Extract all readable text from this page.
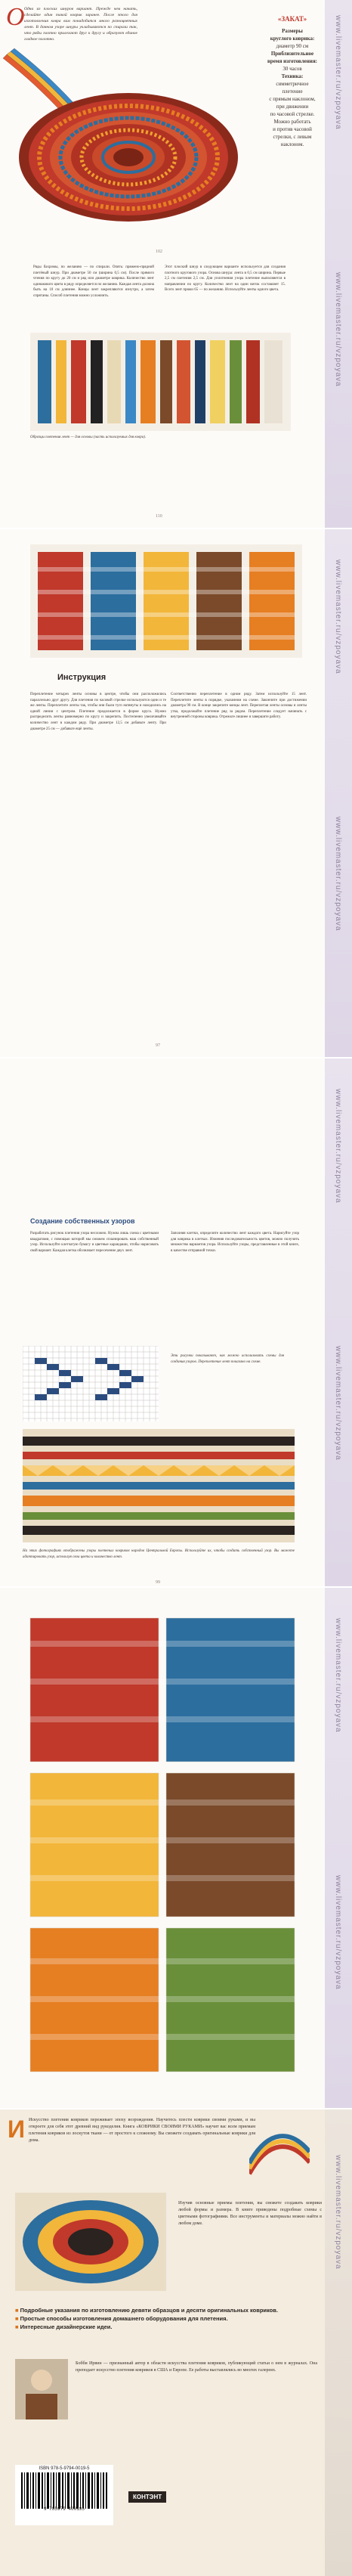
О Одна из плоских шнуров вариант. Прежде чем начать, сделайте один такой коврик заранее. После этого для изготовления ковра вам понадобится много разноцветных лент. В данном узоре шнуры укладываются по спирали так, что ряды плотно прилегают друг к другу и образуют единое гладкое полотно.
«ЗАКАТ»
Размеры
круглого коврика:
диаметр 90 см
Приблизительное
время изготовления:
30 часов
Техника:
симметричное
плетение
с прямым наклоном,
при движении
по часовой стрелке.
Можно работать
и против часовой
стрелки, с левым
наклоном.
102
Ряды бахромы, по желанию — по спирали. Опять: пряжено-прядной плетёный шнур. При диаметре 50 см (ширина 0,5 см). После прямого чтения по кругу до 20 см и ряд или диаметре коврика. Количество лент одинакового цвета в ряду определяется по желанию. Каждая лента должна быть на 10 см длиннее. Концы лент закрепляются изнутри, а затем спрятаны. Способ плетения можно усложнить.
Этот плоский шнур в следующем варианте используется для создания плотного кругового узора. Основа шнура: лента в 0,5 см ширина. Первые 2,5 см плетения 2,5 см. Для уплотнения узора плетение выполняется в направлении по кругу. Количество лент на один виток составляет 15. Всего лент пряжи 65 — по желанию. Используйте ленты одного цвета.
Образцы плетения лент — для основы (часть используемых для ковра).
110
www.livemaster.ru/vzpoyava
www.livemaster.ru/vzpoyava
www.livemaster.ru/vzpoyava
www.livemaster.ru/vzpoyava
Инструкция
Переплетение четырех ленты основы в центре, чтобы они расположились параллельно друг другу. Для плетения по часовой стрелке используются одни и те же ленты. Переплетите ленты так, чтобы они были туго натянуты и находились на одной линии с центром. Плетение продолжается в форме круга. Нужно распределить ленты равномерно по кругу и закрепить. Постепенно увеличивайте количество лент в каждом ряду. При диаметре 12,5 см добавьте ленту. При диаметре 25 см — добавьте ещё ленты.
Соответственно переплетение в одном ряду. Затем используйте 15 лент. Переплетите ленты в порядке, указанном на схеме. Закончите при достижении диаметра 90 см. В конце закрепите концы лент. Переплетая ленты основы и ленты утка, продолжайте плетение ряд за рядом. Переплетение следует начинать с внутренней стороны коврика. Отрежьте лишнее и завершите работу.
97
www.livemaster.ru/vzpoyava
www.livemaster.ru/vzpoyava
Создание собственных узоров
Разработать рисунок плетения узора несложно. Нужна лишь схема с цветными квадратами, с помощью которой мы сможем спланировать наш собственный узор. Используйте клетчатую бумагу и цветные карандаши, чтобы нарисовать свой вариант. Каждая клетка обозначает пересечение двух лент.
Заполняя клетки, определите количество лент каждого цвета. Нарисуйте узор для коврика в клетках. Изменяя последовательность цветов, можно получить множество вариантов узора. Используйте узоры, представленные в этой книге, в качестве отправной точки.
Эти рисунки показывают, как можно использовать схемы для создания узоров. Переплетение лент показано на схеме.
На этих фотографиях отображены узоры плетеных ковриков народов Центральной Европы. Используйте их, чтобы создать собственный узор. Вы можете адаптировать узор, используя свои цвета и количество лент.
99
www.livemaster.ru/vzpoyava
www.livemaster.ru/vzpoyava
И Искусство плетения ковриков переживает эпоху возрождения. Научитесь плести коврики своими руками, и вы откроете для себя этот древний вид рукоделия. Книга «КОВРИКИ СВОИМИ РУКАМИ» научит вас всем приемам плетения ковриков из лоскутов ткани — от простого к сложному. Вы сможете создавать оригинальные коврики для дома.
Изучив основные приемы плетения, вы сможете создавать коврики любой формы и размера. В книге приведены подробные схемы с цветными фотографиями. Все инструменты и материалы можно найти в любом доме.
■ Подробные указания по изготовлению девяти образцов и десяти оригинальных ковриков.
■ Простые способы изготовления домашнего оборудования для плетения.
■ Интересные дизайнерские идеи.
Бобби Ирвин — признанный автор в области искусства плетения ковриков, публикующий статьи о нем в журналах. Она преподает искусство плетения ковриков в США и Европе. Ее работы выставлялись во многих галереях.
ISBN 978-5-9794-0019-5
9 785979 400195
КОНТЭНТ
www.livemaster.ru/vzpoyava
